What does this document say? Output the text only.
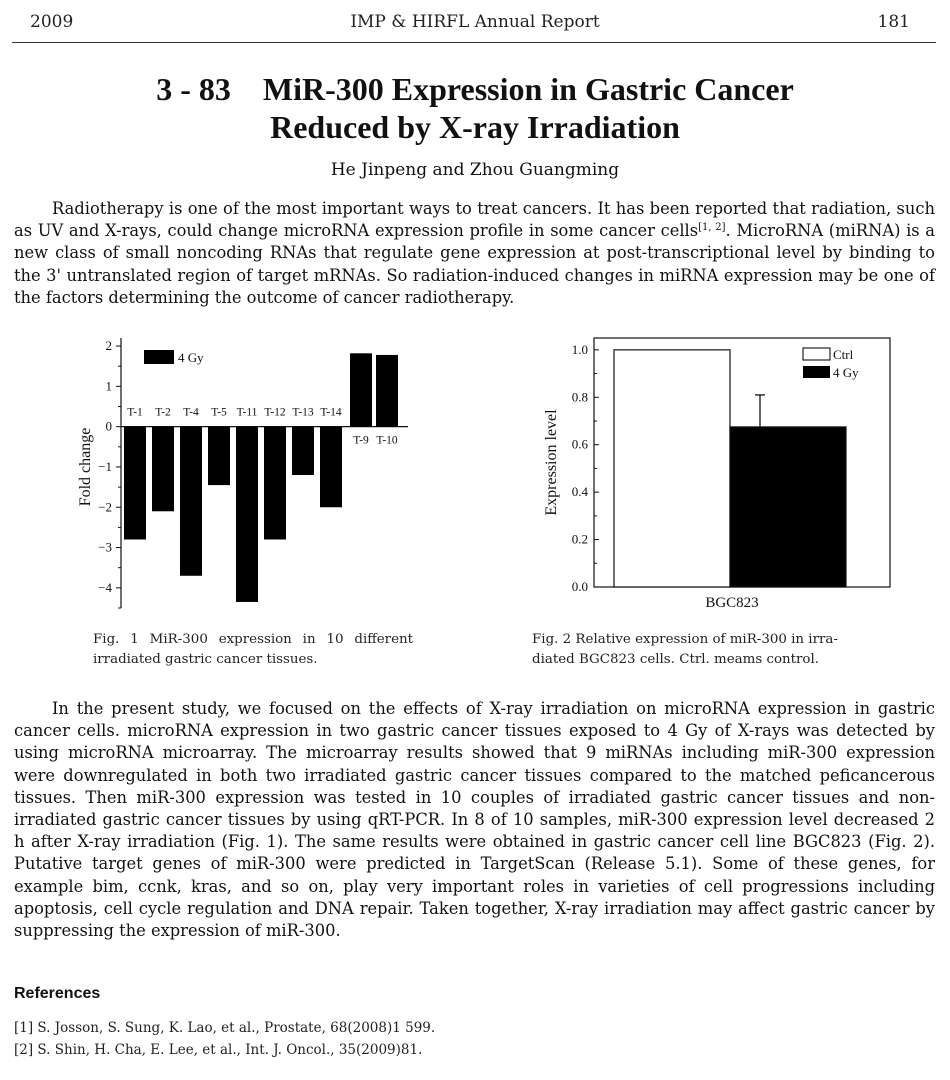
2009	IMP & HIRFL Annual Report	181
3 - 83    MiR-300 Expression in Gastric Cancer
Reduced by X-ray Irradiation
He Jinpeng and Zhou Guangming
Radiotherapy is one of the most important ways to treat cancers. It has been reported that radiation, such as UV and X-rays, could change microRNA expression profile in some cancer cells[1, 2]. MicroRNA (miRNA) is a new class of small noncoding RNAs that regulate gene expression at post-transcriptional level by binding to the 3' untranslated region of target mRNAs. So radiation-induced changes in miRNA expression may be one of the factors determining the outcome of cancer radiotherapy.
2
1
0
−1
−2
−3
−4
Fold change
T-1 T-2 T-4 T-5 T-11 T-12 T-13 T-14
T-9 T-10
4 Gy
Fig. 1 MiR-300 expression in 10 different
irradiated gastric cancer tissues.
1.0
0.8
0.6
0.4
0.2
0.0
Expression level
BGC823
Ctrl
4 Gy
Fig. 2 Relative expression of miR-300 in irra-
diated BGC823 cells. Ctrl. meams control.
In the present study, we focused on the effects of X-ray irradiation on microRNA expression in gastric cancer cells. microRNA expression in two gastric cancer tissues exposed to 4 Gy of X-rays was detected by using microRNA microarray. The microarray results showed that 9 miRNAs including miR-300 expression were downregulated in both two irradiated gastric cancer tissues compared to the matched peficancerous tissues. Then miR-300 expression was tested in 10 couples of irradiated gastric cancer tissues and non-irradiated gastric cancer tissues by using qRT-PCR. In 8 of 10 samples, miR-300 expression level decreased 2 h after X-ray irradiation (Fig. 1). The same results were obtained in gastric cancer cell line BGC823 (Fig. 2). Putative target genes of miR-300 were predicted in TargetScan (Release 5.1). Some of these genes, for example bim, ccnk, kras, and so on, play very important roles in varieties of cell progressions including apoptosis, cell cycle regulation and DNA repair. Taken together, X-ray irradiation may affect gastric cancer by suppressing the expression of miR-300.
References
[1] S. Josson, S. Sung, K. Lao, et al., Prostate, 68(2008)1 599.
[2] S. Shin, H. Cha, E. Lee, et al., Int. J. Oncol., 35(2009)81.
